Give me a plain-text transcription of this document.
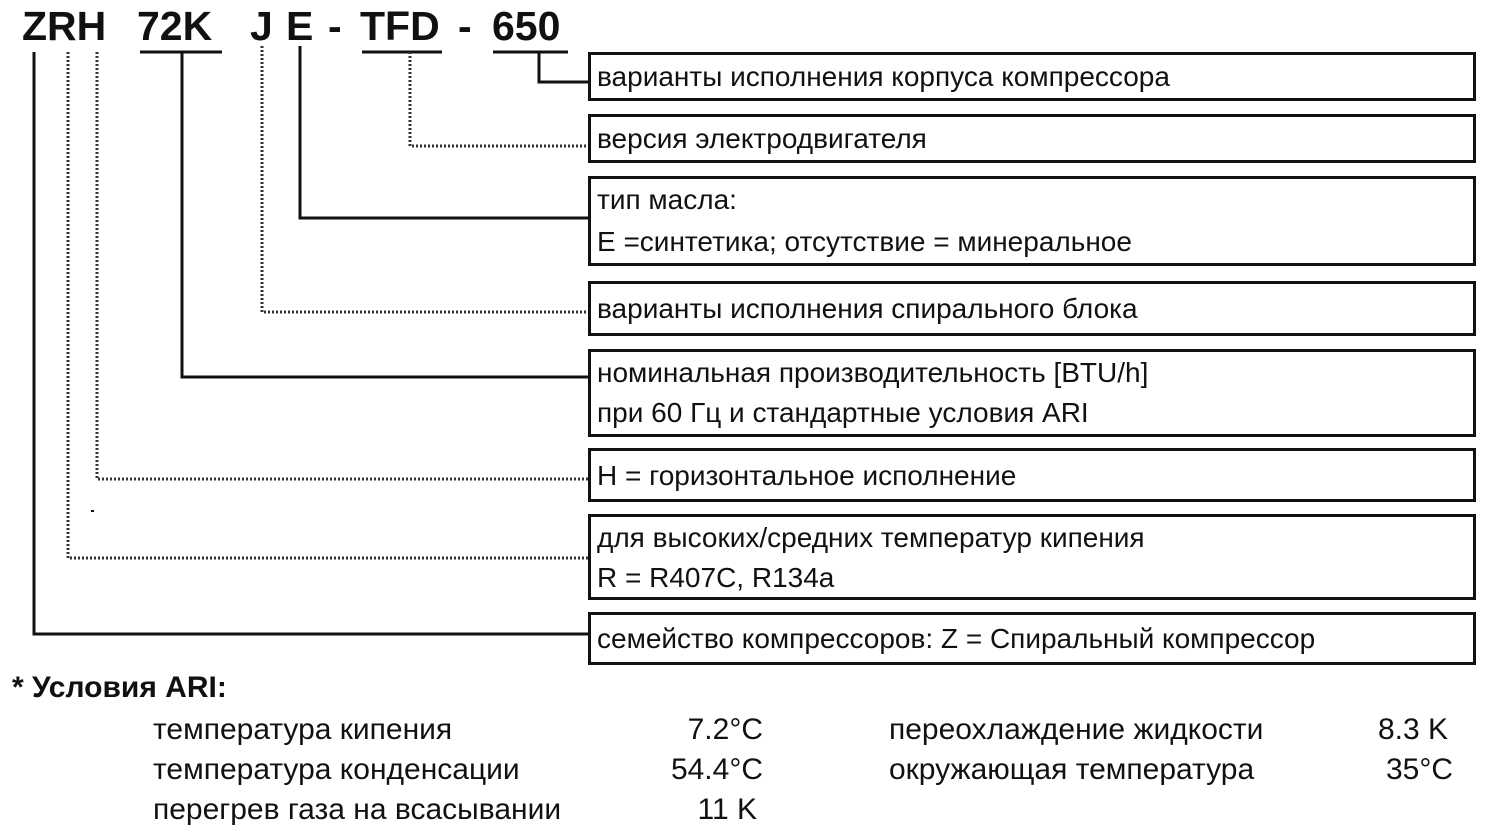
ZRH 72K J E - TFD - 650
варианты исполнения корпуса компрессора
версия электродвигателя
тип масла:
E =синтетика; отсутствие = минеральное
варианты исполнения спирального блока
номинальная производительность [BTU/h]
при 60 Гц и стандартные условия ARI
H = горизонтальное исполнение
для высоких/средних температур кипения
R = R407C, R134a
семейство компрессоров: Z = Спиральный компрессор
* Условия ARI:
температура кипения	7.2°C
температура конденсации	54.4°C
перегрев газа на всасывании	11 K
переохлаждение жидкости	8.3 K
окружающая температура	35°C
